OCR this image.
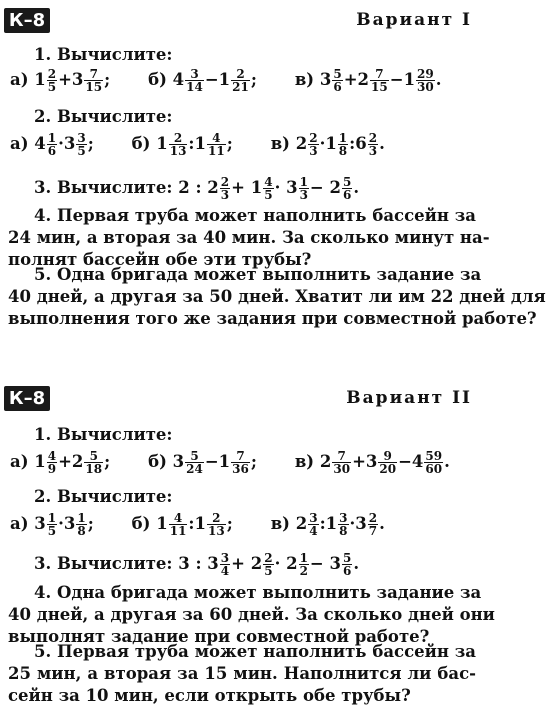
К–8	Вариант I
1. Вычислите:
а) $1 \frac{2}{5} +3 \frac{7}{15}$ ; б) $4 \frac{3}{14} -1 \frac{2}{21}$ ; в) $3 \frac{5}{6} +2 \frac{7}{15} -1 \frac{29}{30}$ .
2. Вычислите:
а) $4 \frac{1}{6} \cdot 3 \frac{3}{5}$ ; б) $1 \frac{2}{13}$ :1 $\frac{4}{11}$ ; в) $2 \frac{2}{3} \cdot 1 \frac{1}{8}$ :6 $\frac{2}{3}$ .
3. Вычислите: 2 : $2 \frac{2}{3} + 1 \frac{4}{5} \cdot 3 \frac{1}{3} - 2 \frac{5}{6}$ .
4. Первая труба может наполнить бассейн за
24 мин, а вторая за 40 мин. За сколько минут на-
полнят бассейн обе эти трубы?
5. Одна бригада может выполнить задание за
40 дней, а другая за 50 дней. Хватит ли им 22 дней для
выполнения того же задания при совместной работе?
К–8	Вариант II
1. Вычислите:
а) $1 \frac{4}{9} +2 \frac{5}{18}$ ; б) $3 \frac{5}{24} -1 \frac{7}{36}$ ; в) $2 \frac{7}{30} +3 \frac{9}{20} -4 \frac{59}{60}$ .
2. Вычислите:
а) $3 \frac{1}{5} \cdot 3 \frac{1}{8}$ ; б) $1 \frac{4}{11}$ :1 $\frac{2}{13}$ ; в) $2 \frac{3}{4}$ :1 $\frac{3}{8} \cdot 3 \frac{2}{7}$ .
3. Вычислите: 3 : $3 \frac{3}{4} + 2 \frac{2}{5} \cdot 2 \frac{1}{2} - 3 \frac{5}{6}$ .
4. Одна бригада может выполнить задание за
40 дней, а другая за 60 дней. За сколько дней они
выполнят задание при совместной работе?
5. Первая труба может наполнить бассейн за
25 мин, а вторая за 15 мин. Наполнится ли бас-
сейн за 10 мин, если открыть обе трубы?
